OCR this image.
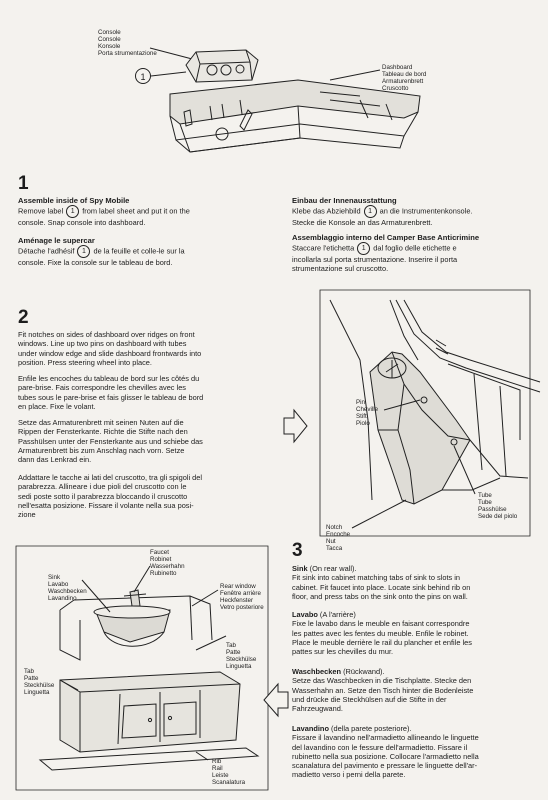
Console
Console
Konsole
Porta strumentazione
Dashboard
Tableau de bord
Armaturenbrett
Cruscotto
1
1
Assemble inside of Spy Mobile
Remove label 1 from label sheet and put it on the
console. Snap console into dashboard.
Aménage le supercar
Détache l'adhésif 1 de la feuille et colle-le sur la
console. Fixe la console sur le tableau de bord.
Einbau der Innenausstattung
Klebe das Abziehbild 1 an die Instrumentenkonsole.
Stecke die Konsole an das Armaturenbrett.
Assemblaggio interno del Camper Base Anticrimine
Staccare l'etichetta 1 dal foglio delle etichette e
incollarla sul porta strumentazione. Inserire il porta
strumentazione sul cruscotto.
2
Fit notches on sides of dashboard over ridges on front
windows. Line up two pins on dashboard with tubes
under window edge and slide dashboard frontwards into
position. Press steering wheel into place.
Enfile les encoches du tableau de bord sur les côtés du
pare-brise. Fais correspondre les chevilles avec les
tubes sous le pare-brise et fais glisser le tableau de bord
en place. Fixe le volant.
Setze das Armaturenbrett mit seinen Nuten auf die
Rippen der Fensterkante. Richte die Stifte nach den
Passhülsen unter der Fensterkante aus und schiebe das
Armaturenbrett bis zum Anschlag nach vorn. Setze
dann das Lenkrad ein.
Addattare le tacche ai lati del cruscotto, tra gli spigoli del
parabrezza. Allineare i due pioli del cruscotto con le
sedi poste sotto il parabrezza bloccando il cruscotto
nell'esatta posizione. Fissare il volante nella sua posi-
zione
Pin
Cheville
Stift
Piolo
Tube
Tube
Passhülse
Sede del piolo
Notch
Encoche
Nut
Tacca
Faucet
Robinet
Wasserhahn
Rubinetto
Sink
Lavabo
Waschbecken
Lavandino
Rear window
Fenêtre arrière
Heckfenster
Vetro posteriore
Tab
Patte
Steckhülse
Linguetta
Tab
Patte
Steckhülse
Linguetta
Rib
Rail
Leiste
Scanalatura
3
Sink (On rear wall).
Fit sink into cabinet matching tabs of sink to slots in
cabinet. Fit faucet into place. Locate sink behind rib on
floor, and press tabs on the sink onto the pins on wall.
Lavabo (A l'arrière)
Fixe le lavabo dans le meuble en faisant correspondre
les pattes avec les fentes du meuble. Enfile le robinet.
Place le meuble derrière le rail du plancher et enfile les
pattes sur les chevilles du mur.
Waschbecken (Rückwand).
Setze das Waschbecken in die Tischplatte. Stecke den
Wasserhahn an. Setze den Tisch hinter die Bodenleiste
und drücke die Steckhülsen auf die Stifte in der
Fahrzeugwand.
Lavandino (della parete posteriore).
Fissare il lavandino nell'armadietto allineando le linguette
del lavandino con le fessure dell'armadietto. Fissare il
rubinetto nella sua posizione. Collocare l'armadietto nella
scanalatura del pavimento e pressare le linguette dell'ar-
madietto verso i perni della parete.
